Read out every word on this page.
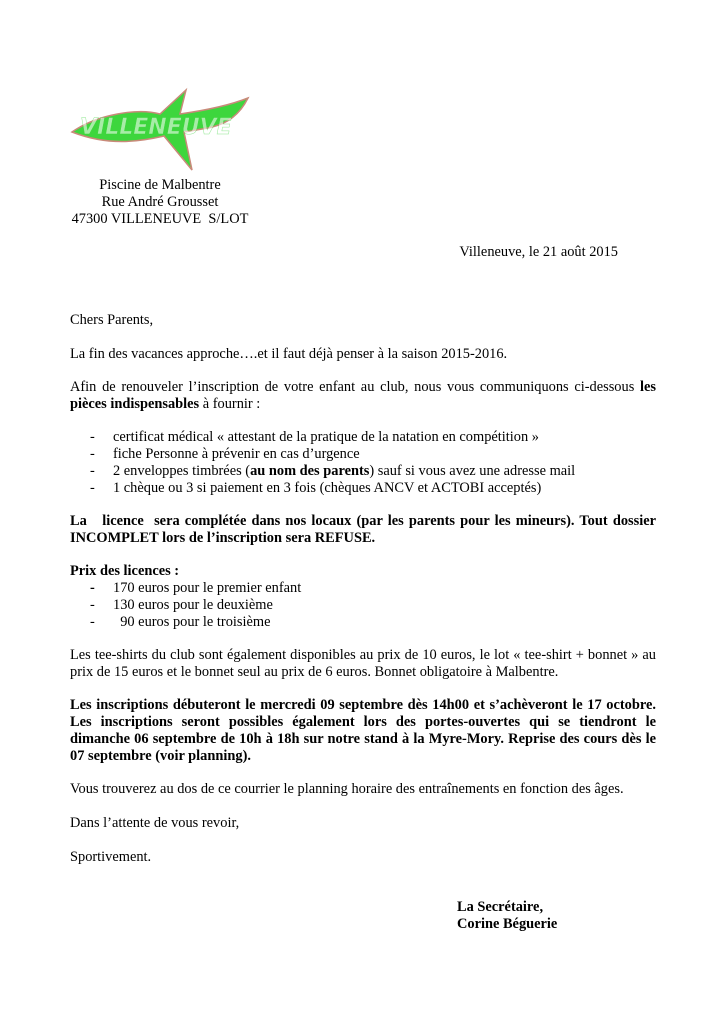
VILLENEUVE
Piscine de Malbentre
Rue André Grousset
47300 VILLENEUVE  S/LOT
Villeneuve, le 21 août 2015
Chers Parents,
La fin des vacances approche….et il faut déjà penser à la saison 2015-2016.
Afin de renouveler l’inscription de votre enfant au club, nous vous communiquons ci-dessous les pièces indispensables à fournir :
- certificat médical « attestant de la pratique de la natation en compétition »
- fiche Personne à prévenir en cas d’urgence
- 2 enveloppes timbrées (au nom des parents) sauf si vous avez une adresse mail
- 1 chèque ou 3 si paiement en 3 fois (chèques ANCV et ACTOBI acceptés)
La   licence  sera complétée dans nos locaux (par les parents pour les mineurs). Tout dossier
INCOMPLET lors de l’inscription sera REFUSE.
Prix des licences :
- 170 euros pour le premier enfant
- 130 euros pour le deuxième
- 90 euros pour le troisième
Les tee-shirts du club sont également disponibles au prix de 10 euros, le lot « tee-shirt + bonnet » au prix de 15 euros et le bonnet seul au prix de 6 euros. Bonnet obligatoire à Malbentre.
Les inscriptions débuteront le mercredi 09 septembre dès 14h00 et s’achèveront le 17 octobre. Les inscriptions seront possibles également lors des portes-ouvertes qui se tiendront le dimanche 06 septembre de 10h à 18h sur notre stand à la Myre-Mory. Reprise des cours dès le 07 septembre (voir planning).
Vous trouverez au dos de ce courrier le planning horaire des entraînements en fonction des âges.
Dans l’attente de vous revoir,
Sportivement.
La Secrétaire,
Corine Béguerie
